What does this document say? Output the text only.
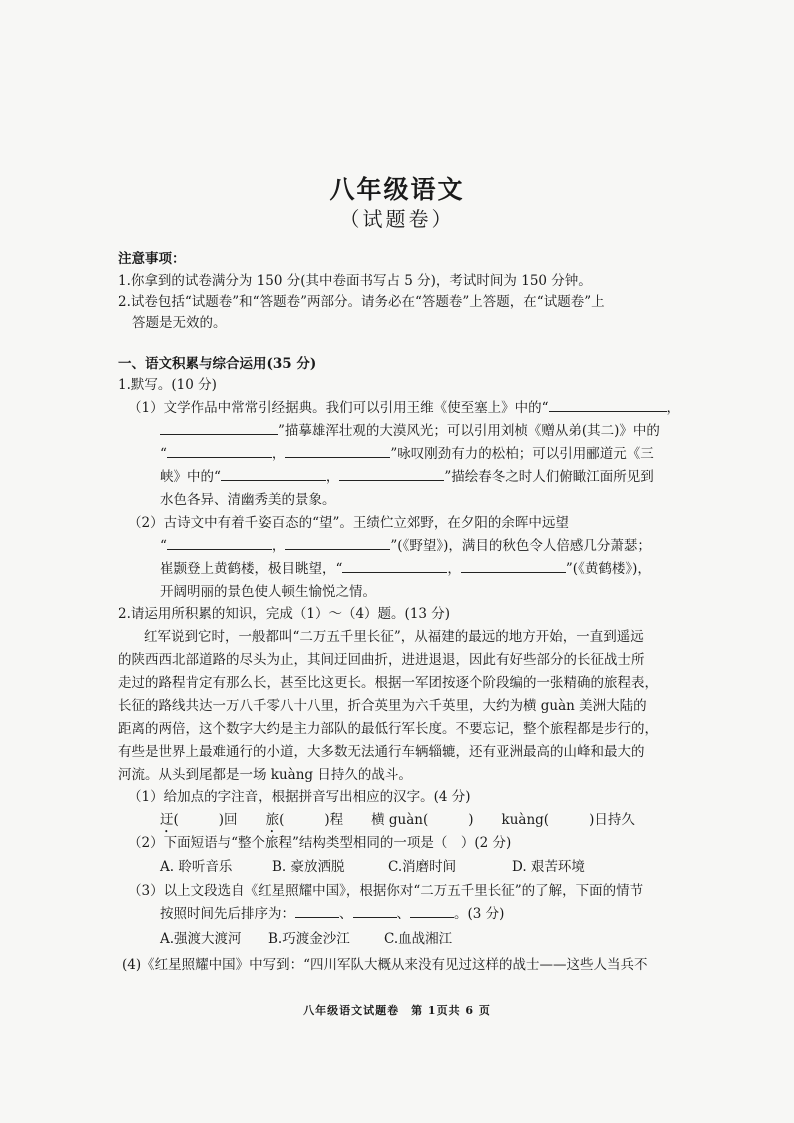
八年级语文
（试题卷）
注意事项：
1.你拿到的试卷满分为 150 分(其中卷面书写占 5 分)，考试时间为 150 分钟。
2.试卷包括“试题卷”和“答题卷”两部分。请务必在“答题卷”上答题，在“试题卷”上
答题是无效的。
一、语文积累与综合运用(35 分)
1.默写。(10 分)
（1）文学作品中常常引经据典。我们可以引用王维《使至塞上》中的“	，
”描摹雄浑壮观的大漠风光；可以引用刘桢《赠从弟(其二)》中的
“	，	”咏叹刚劲有力的松柏；可以引用郦道元《三
峡》中的“	，	”描绘春冬之时人们俯瞰江面所见到
水色各异、清幽秀美的景象。
（2）古诗文中有着千姿百态的“望”。王绩伫立郊野，在夕阳的余晖中远望
“	，	”(《野望》)，满目的秋色令人倍感几分萧瑟；
崔颢登上黄鹤楼，极目眺望，“	，	”(《黄鹤楼》)，
开阔明丽的景色使人顿生愉悦之情。
2.请运用所积累的知识，完成（1）～（4）题。(13 分)
红军说到它时，一般都叫“二万五千里长征”，从福建的最远的地方开始，一直到遥远
的陕西西北部道路的尽头为止，其间迂回曲折，进进退退，因此有好些部分的长征战士所
走过的路程肯定有那么长，甚至比这更长。根据一军团按逐个阶段编的一张精确的旅程表，
长征的路线共达一万八千零八十八里，折合英里为六千英里，大约为横 guàn 美洲大陆的
距离的两倍，这个数字大约是主力部队的最低行军长度。不要忘记，整个旅程都是步行的，
有些是世界上最难通行的小道，大多数无法通行车辆辎辘，还有亚洲最高的山峰和最大的
河流。从头到尾都是一场 kuàng 日持久的战斗。
（1）给加点的字注音，根据拼音写出相应的汉字。(4 分)
迂(	)回 旅(	)程 横 guàn(	) kuàng(	)日持久
（2）下面短语与“整个旅程”结构类型相同的一项是（　）(2 分)
A. 聆听音乐	B. 豪放洒脱	C.消磨时间	D. 艰苦环境
（3）以上文段选自《红星照耀中国》，根据你对“二万五千里长征”的了解，下面的情节
按照时间先后排序为：	、	、	。(3 分)
A.强渡大渡河 B.巧渡金沙江	C.血战湘江
(4)《红星照耀中国》中写到：“四川军队大概从来没有见过这样的战士——这些人当兵不
八年级语文试题卷　第 1页共 6 页
